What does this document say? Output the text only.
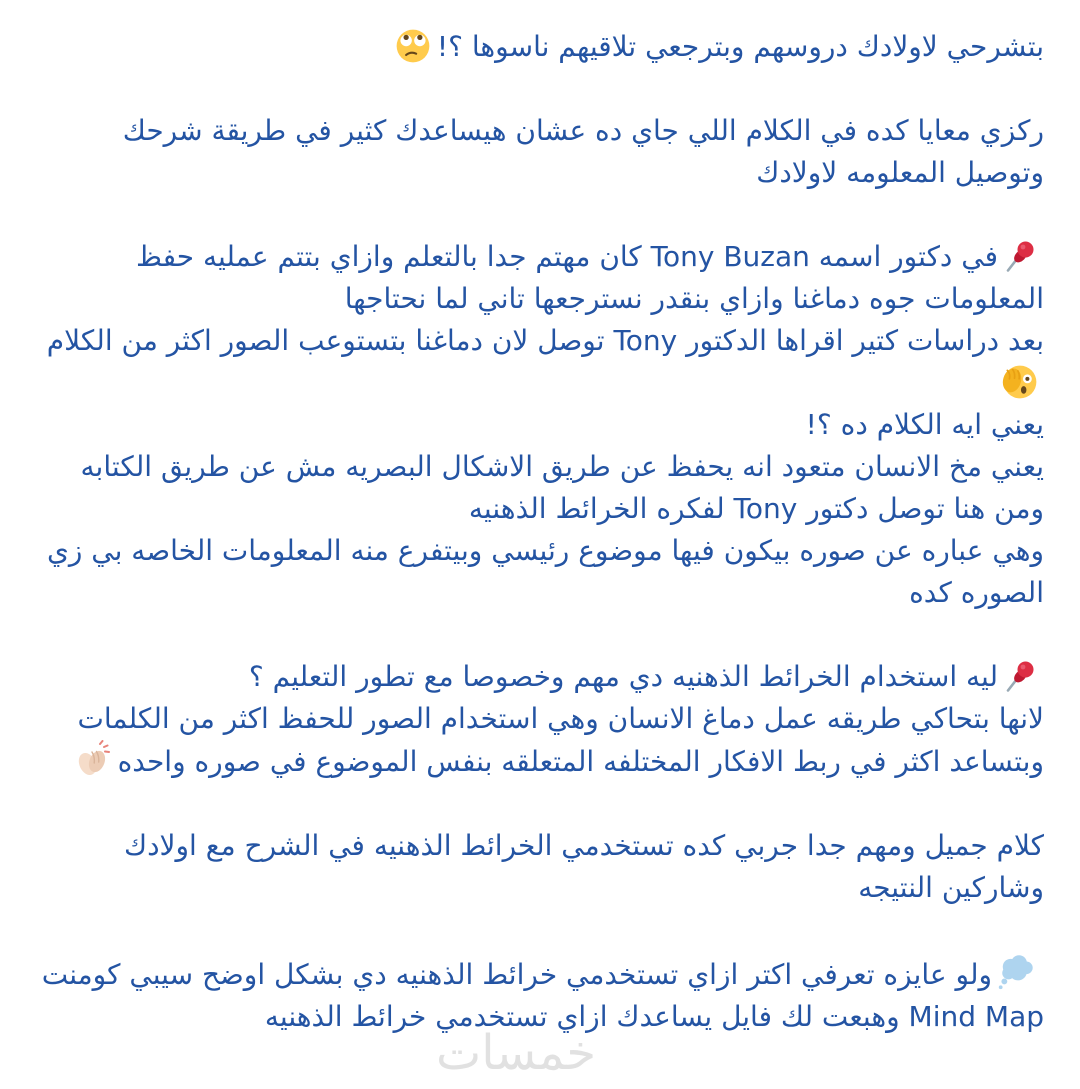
خمسات
بتشرحي لاولادك دروسهم وبترجعي تلاقيهم ناسوها ؟!
ركزي معايا كده في الكلام اللي جاي ده عشان هيساعدك كثير في طريقة شرحك وتوصيل المعلومه لاولادك
في دكتور اسمه Tony Buzan كان مهتم جدا بالتعلم وازاي بتتم عمليه حفظ المعلومات جوه دماغنا وازاي بنقدر نسترجعها تاني لما نحتاجها
بعد دراسات كتير اقراها الدكتور Tony توصل لان دماغنا بتستوعب الصور اكثر من الكلام
يعني ايه الكلام ده ؟!
يعني مخ الانسان متعود انه يحفظ عن طريق الاشكال البصريه مش عن طريق الكتابه ومن هنا توصل دكتور Tony لفكره الخرائط الذهنيه
وهي عباره عن صوره بيكون فيها موضوع رئيسي وبيتفرع منه المعلومات الخاصه بي زي الصوره كده
ليه استخدام الخرائط الذهنيه دي مهم وخصوصا مع تطور التعليم ؟
لانها بتحاكي طريقه عمل دماغ الانسان وهي استخدام الصور للحفظ اكثر من الكلمات وبتساعد اكثر في ربط الافكار المختلفه المتعلقه بنفس الموضوع في صوره واحده
كلام جميل ومهم جدا جربي كده تستخدمي الخرائط الذهنيه في الشرح مع اولادك وشاركين النتيجه
ولو عايزه تعرفي اكتر ازاي تستخدمي خرائط الذهنيه دي بشكل اوضح سيبي كومنت Mind Map وهبعت لك فايل يساعدك ازاي تستخدمي خرائط الذهنيه
